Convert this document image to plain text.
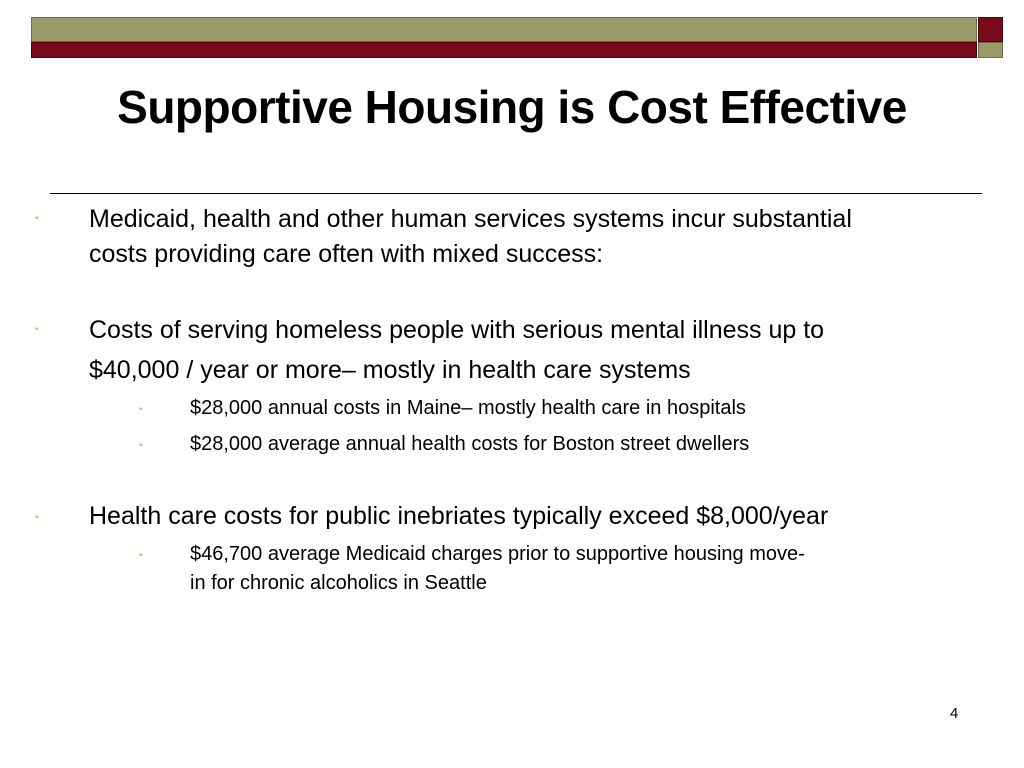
Supportive Housing is Cost Effective
▪ Medicaid, health and other human services systems incur substantial
costs providing care often with mixed success:
▪ Costs of serving homeless people with serious mental illness up to
$40,000 / year or more– mostly in health care systems
▪ $28,000 annual costs in Maine– mostly health care in hospitals
▪ $28,000 average annual health costs for Boston street dwellers
▪ Health care costs for public inebriates typically exceed $8,000/year
▪ $46,700 average Medicaid charges prior to supportive housing move-
in for chronic alcoholics in Seattle
4
